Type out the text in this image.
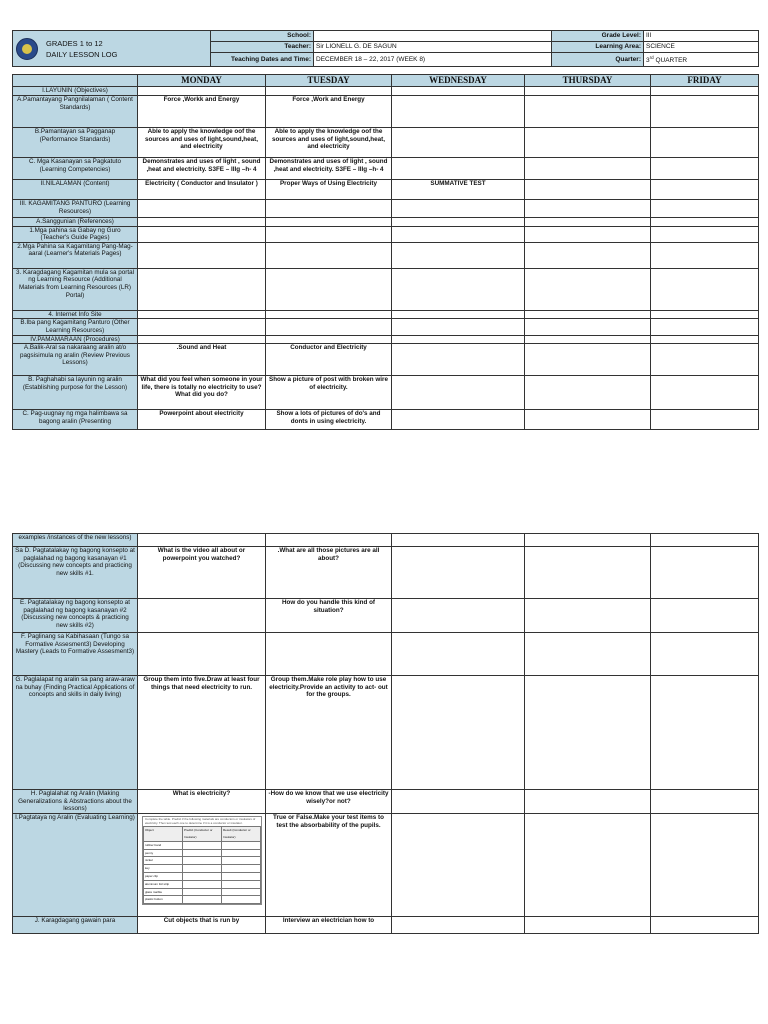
GRADES 1 to 12
DAILY LESSON LOG	School:		Grade Level:	III
	Teacher:	Sir LIONELL G. DE SAGUN	Learning Area:	SCIENCE
	Teaching Dates and Time:	DECEMBER 18 – 22, 2017 (WEEK 8)	Quarter:	3rd QUARTER
	MONDAY	TUESDAY	WEDNESDAY	THURSDAY	FRIDAY
I.LAYUNIN (Objectives)					
A.Pamantayang Pangnilalaman ( Content Standards)	Force ,Workk and Energy	Force ,Work and Energy			
B.Pamantayan sa Pagganap (Performance Standards)	Able to apply the knowledge oof the sources and uses of light,sound,heat, and electricity	Able to apply the knowledge oof the sources and uses of light,sound,heat, and electricity			
C. Mga Kasanayan sa Pagkatuto (Learning Competencies)	Demonstrates and uses of light , sound ,heat and electricity. S3FE – IIIg –h- 4	Demonstrates and uses of light , sound ,heat and electricity. S3FE – IIIg –h- 4			
II.NILALAMAN (Content)	Electricity ( Conductor and Insulator )	Proper Ways of Using Electricity	SUMMATIVE TEST		
III. KAGAMITANG PANTURO (Learning Resources)					
A.Sanggunian (References)					
1.Mga pahina sa Gabay ng Guro (Teacher's Guide Pages)					
2.Mga Pahina sa Kagamitang Pang-Mag-aaral (Learner's Materials Pages)					
3. Karagdagang Kagamitan mula sa portal ng Learning Resource (Additional Materials from Learning Resources (LR) Portal)					
4. Internet Info Site					
B.Iba pang Kagamitang Panturo (Other Learning Resources)					
IV.PAMAMARAAN (Procedures)					
A.Balik-Aral sa nakaraang aralin at/o pagsisimula ng aralin (Review Previous Lessons)	.Sound and Heat	Conductor and Electricity			
B. Paghahabi sa layunin ng aralin (Establishing purpose for the Lesson)	What did you feel when someone in your life, there is totally no electricity to use?What did you do?	Show a picture of post with broken wire of electricity.			
C. Pag-uugnay ng mga halimbawa sa bagong aralin (Presenting	Powerpoint about electricity	Show a lots of pictures of do's and donts in using electricity.			
examples /instances of the new lessons)					
Sa D. Pagtatalakay ng bagong konsepto at paglalahad ng bagong kasanayan #1 (Discussing new concepts and practicing new skills #1.	What is the video all about or powerpoint you watched?	.What are all those pictures are all about?			
E. Pagtatalakay ng bagong konsepto at paglalahad ng bagong kasanayan #2 (Discussing new concepts & practicing new skills #2)		How do you handle this kind of situation?			
F. Paglinang sa Kabihasaan (Tungo sa Formative Assesment3) Developing Mastery (Leads to Formative Assesment3)					
G. Paglalapat ng aralin sa pang araw-araw na buhay (Finding Practical Applications of concepts and skills in daily living)	Group them into five.Draw at least four things that need electricity to run.	Group them.Make role play how to use electricity.Provide an activity to act- out for the groups.			
H. Paglalahat ng Aralin (Making Generalizations & Abstractions about the lessons)	What is electricity?	-How do we know that we use electricity wisely?or not?			
I.Pagtataya ng Aralin (Evaluating Learning)	Complete the table. Predict if the following materials are conductors or insulators of electricity. Then test each one to determine if it is a conductor or insulator.
Object	Predict (Conductor or Insulator)	Result (Conductor or Insulator)
rubber band		
penny		
nickel		
key		
paper clip		
aluminum foil strip		
glass marble		
plastic button		
	True or False.Make your test items to test the absorbability of the pupils.			
J. Karagdagang gawain para	Cut objects that is run by	Interview an electrician how to			
